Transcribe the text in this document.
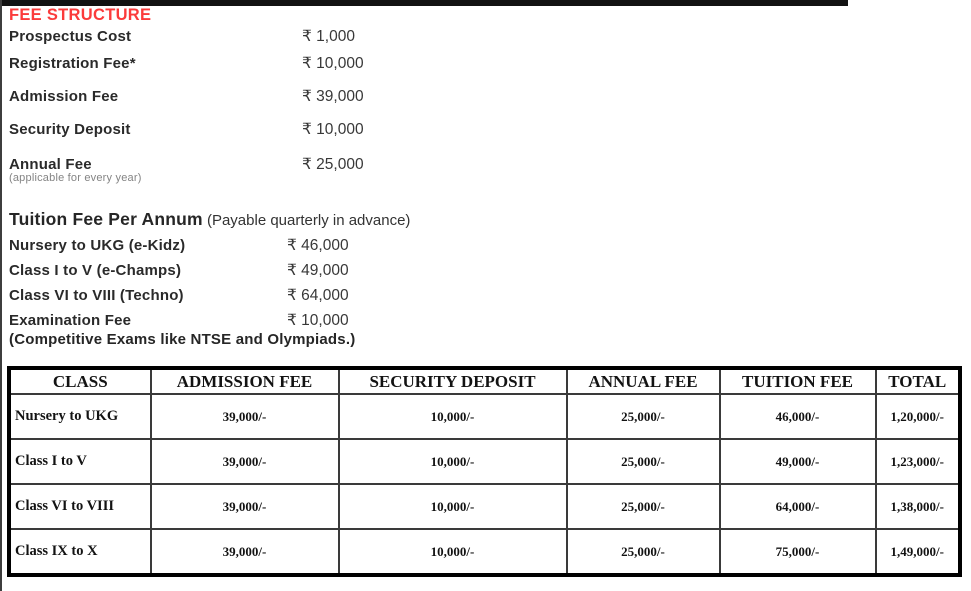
FEE STRUCTURE
Prospectus Cost	₹ 1,000
Registration Fee*	₹ 10,000
Admission Fee	₹ 39,000
Security Deposit	₹ 10,000
Annual Fee	₹ 25,000
(applicable for every year)
Tuition Fee Per Annum (Payable quarterly in advance)
Nursery to UKG (e-Kidz)	₹ 46,000
Class I to V (e-Champs)	₹ 49,000
Class VI to VIII (Techno)	₹ 64,000
Examination Fee	₹ 10,000
(Competitive Exams like NTSE and Olympiads.)
CLASS	ADMISSION FEE	SECURITY DEPOSIT	ANNUAL FEE	TUITION FEE	TOTAL
Nursery to UKG	39,000/-	10,000/-	25,000/-	46,000/-	1,20,000/-
Class I to V	39,000/-	10,000/-	25,000/-	49,000/-	1,23,000/-
Class VI to VIII	39,000/-	10,000/-	25,000/-	64,000/-	1,38,000/-
Class IX to X	39,000/-	10,000/-	25,000/-	75,000/-	1,49,000/-
